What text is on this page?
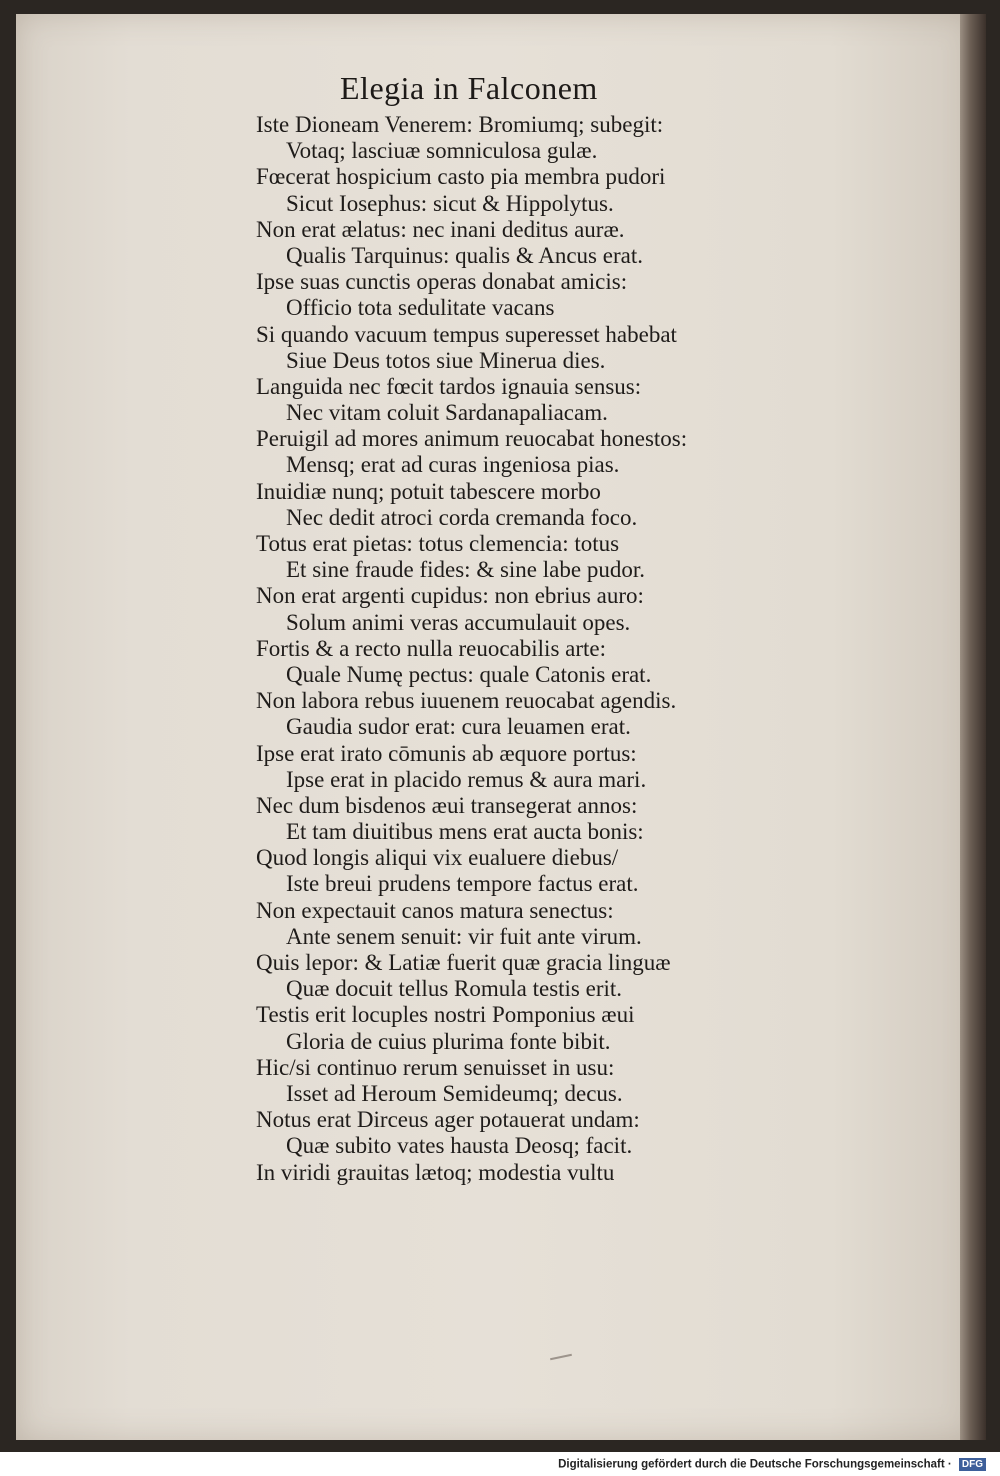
Elegia in Falconem
Iste Dioneam Venerem: Bromiumq; subegit:
Votaq; lasciuæ somniculosa gulæ.
Fœcerat hospicium casto pia membra pudori
Sicut Iosephus: sicut & Hippolytus.
Non erat ælatus: nec inani deditus auræ.
Qualis Tarquinus: qualis & Ancus erat.
Ipse suas cunctis operas donabat amicis:
Officio tota sedulitate vacans
Si quando vacuum tempus superesset habebat
Siue Deus totos siue Minerua dies.
Languida nec fœcit tardos ignauia sensus:
Nec vitam coluit Sardanapaliacam.
Peruigil ad mores animum reuocabat honestos:
Mensq; erat ad curas ingeniosa pias.
Inuidiæ nunq; potuit tabescere morbo
Nec dedit atroci corda cremanda foco.
Totus erat pietas: totus clemencia: totus
Et sine fraude fides: & sine labe pudor.
Non erat argenti cupidus: non ebrius auro:
Solum animi veras accumulauit opes.
Fortis & a recto nulla reuocabilis arte:
Quale Numę pectus: quale Catonis erat.
Non labora rebus iuuenem reuocabat agendis.
Gaudia sudor erat: cura leuamen erat.
Ipse erat irato cōmunis ab æquore portus:
Ipse erat in placido remus & aura mari.
Nec dum bisdenos æui transegerat annos:
Et tam diuitibus mens erat aucta bonis:
Quod longis aliqui vix eualuere diebus/
Iste breui prudens tempore factus erat.
Non expectauit canos matura senectus:
Ante senem senuit: vir fuit ante virum.
Quis lepor: & Latiæ fuerit quæ gracia linguæ
Quæ docuit tellus Romula testis erit.
Testis erit locuples nostri Pomponius æui
Gloria de cuius plurima fonte bibit.
Hic/si continuo rerum senuisset in usu:
Isset ad Heroum Semideumq; decus.
Notus erat Dirceus ager potauerat undam:
Quæ subito vates hausta Deosq; facit.
In viridi grauitas lætoq; modestia vultu
Digitalisierung gefördert durch die Deutsche Forschungsgemeinschaft · DFG
